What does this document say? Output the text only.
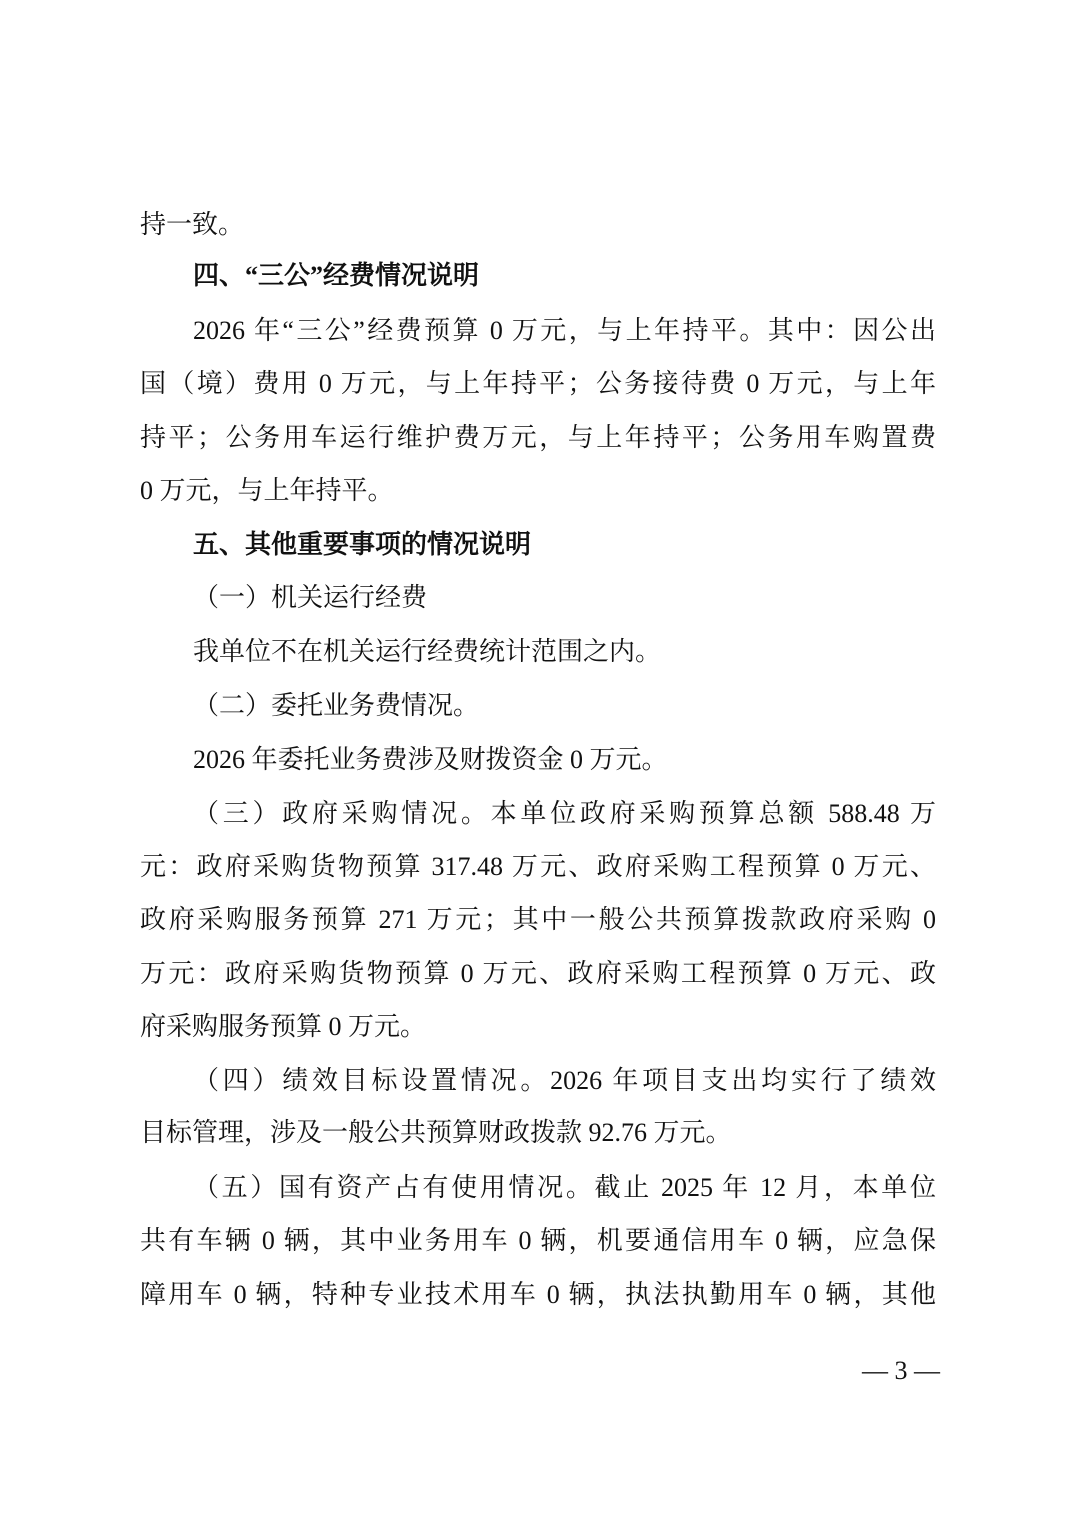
持一致。
四、“三公”经费情况说明
2026 年“三公”经费预算 0 万元，与上年持平。其中：因公出
国（境）费用 0 万元，与上年持平；公务接待费 0 万元，与上年
持平；公务用车运行维护费万元，与上年持平；公务用车购置费
0 万元，与上年持平。
五、其他重要事项的情况说明
（一）机关运行经费
我单位不在机关运行经费统计范围之内。
（二）委托业务费情况。
2026 年委托业务费涉及财拨资金 0 万元。
（三）政府采购情况。本单位政府采购预算总额 588.48 万
元：政府采购货物预算 317.48 万元、政府采购工程预算 0 万元、
政府采购服务预算 271 万元；其中一般公共预算拨款政府采购 0
万元：政府采购货物预算 0 万元、政府采购工程预算 0 万元、政
府采购服务预算 0 万元。
（四）绩效目标设置情况。2026 年项目支出均实行了绩效
目标管理，涉及一般公共预算财政拨款 92.76 万元。
（五）国有资产占有使用情况。截止 2025 年 12 月，本单位
共有车辆 0 辆，其中业务用车 0 辆，机要通信用车 0 辆，应急保
障用车 0 辆，特种专业技术用车 0 辆，执法执勤用车 0 辆，其他
— 3 —
